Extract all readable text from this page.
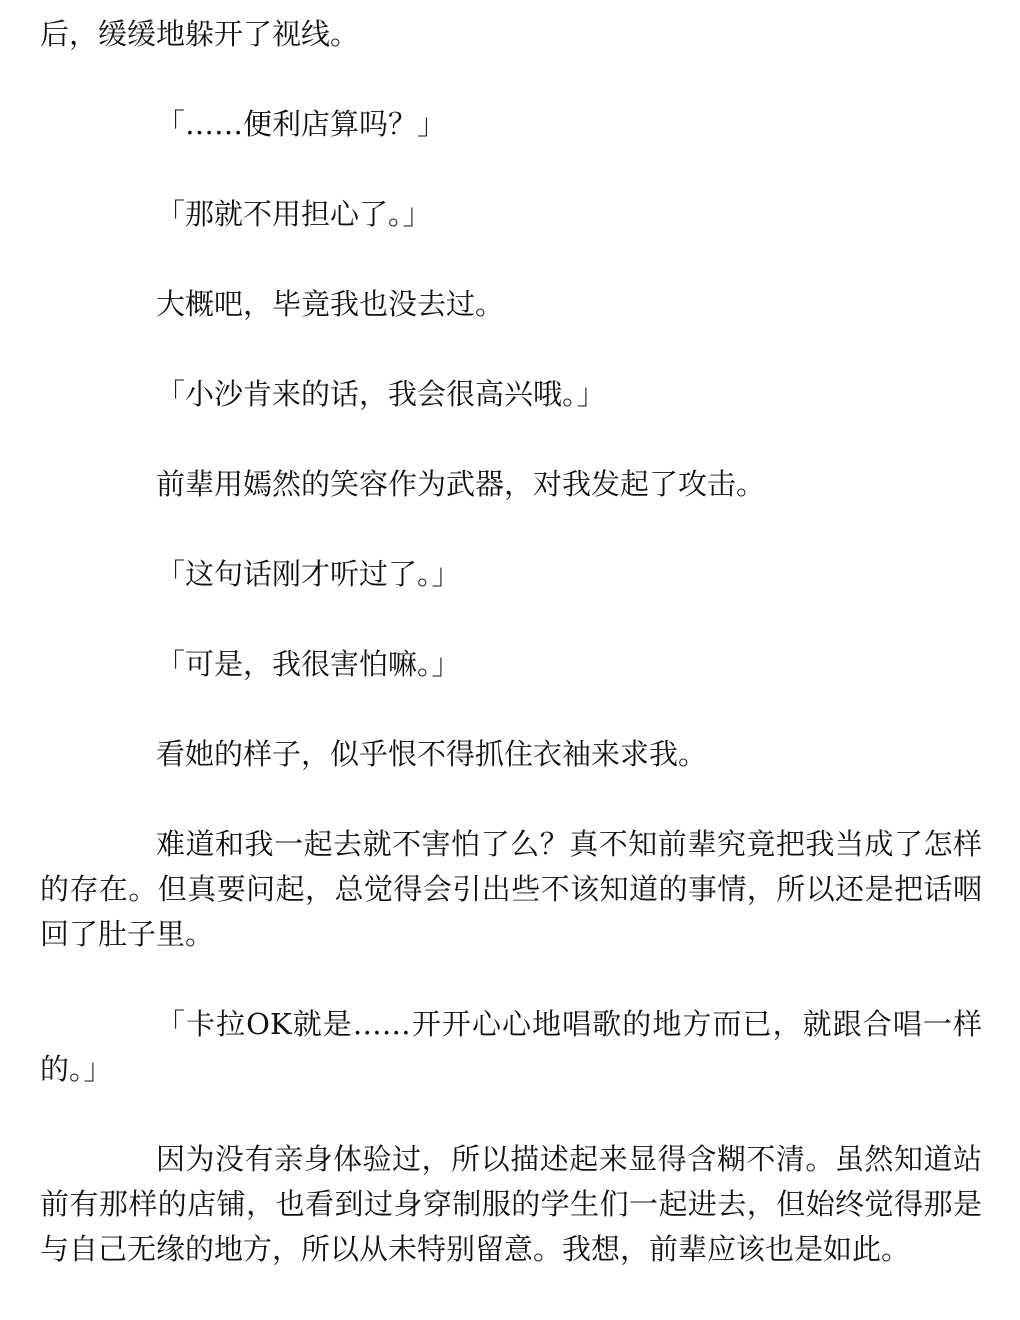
后，缓缓地躲开了视线。

「……便利店算吗？」

「那就不用担心了。」

大概吧，毕竟我也没去过。

「小沙肯来的话，我会很高兴哦。」

前辈用嫣然的笑容作为武器，对我发起了攻击。

「这句话刚才听过了。」

「可是，我很害怕嘛。」

看她的样子，似乎恨不得抓住衣袖来求我。

难道和我一起去就不害怕了么？真不知前辈究竟把我当成了怎样的存在。但真要问起，总觉得会引出些不该知道的事情，所以还是把话咽回了肚子里。

「卡拉OK就是……开开心心地唱歌的地方而已，就跟合唱一样的。」

因为没有亲身体验过，所以描述起来显得含糊不清。虽然知道站前有那样的店铺，也看到过身穿制服的学生们一起进去，但始终觉得那是与自己无缘的地方，所以从未特别留意。我想，前辈应该也是如此。
